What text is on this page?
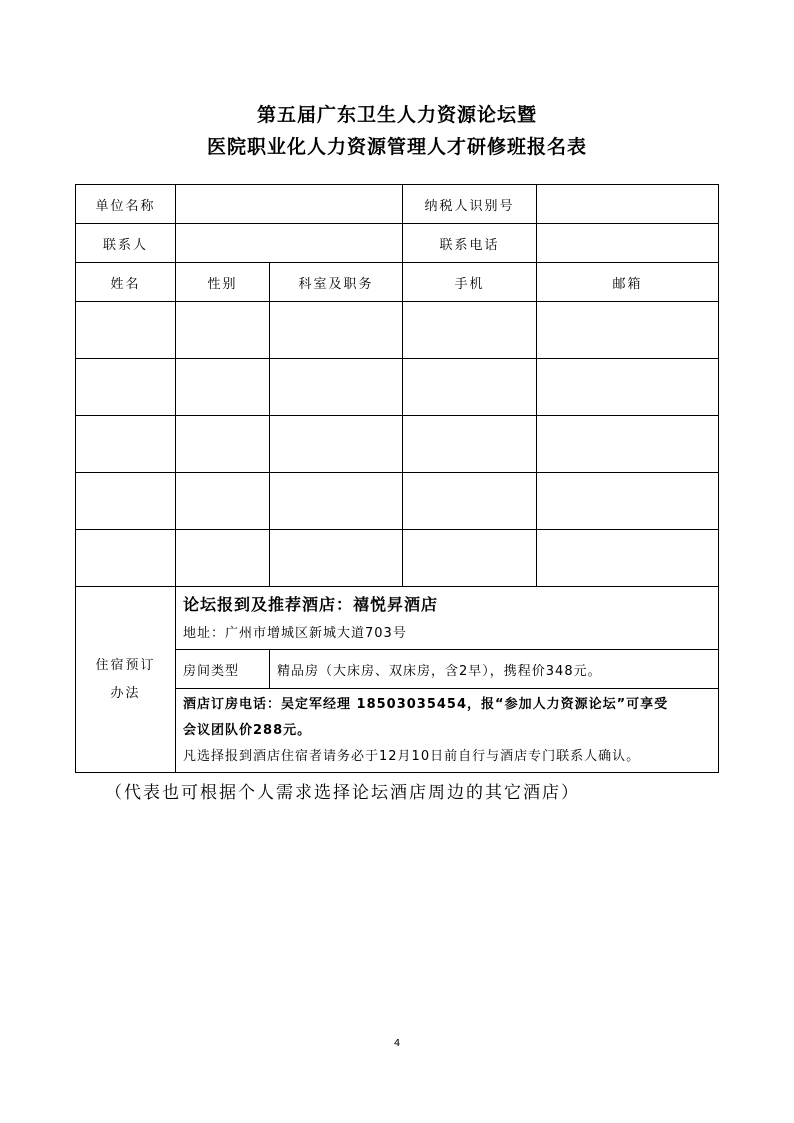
第五届广东卫生人力资源论坛暨
医院职业化人力资源管理人才研修班报名表
单位名称			纳税人识别号	
联系人			联系电话	
姓名	性别	科室及职务	手机	邮箱

住宿预订
办法	论坛报到及推荐酒店：禧悦昇酒店
地址：广州市增城区新城大道703号			

	房间类型	精品房（大床房、双床房，含2早），携程价348元。		

	酒店订房电话：吴定军经理 18503035454，报“参加人力资源论坛”可享受
会议团队价288元。
凡选择报到酒店住宿者请务必于12月10日前自行与酒店专门联系人确认。			
（代表也可根据个人需求选择论坛酒店周边的其它酒店）
4
